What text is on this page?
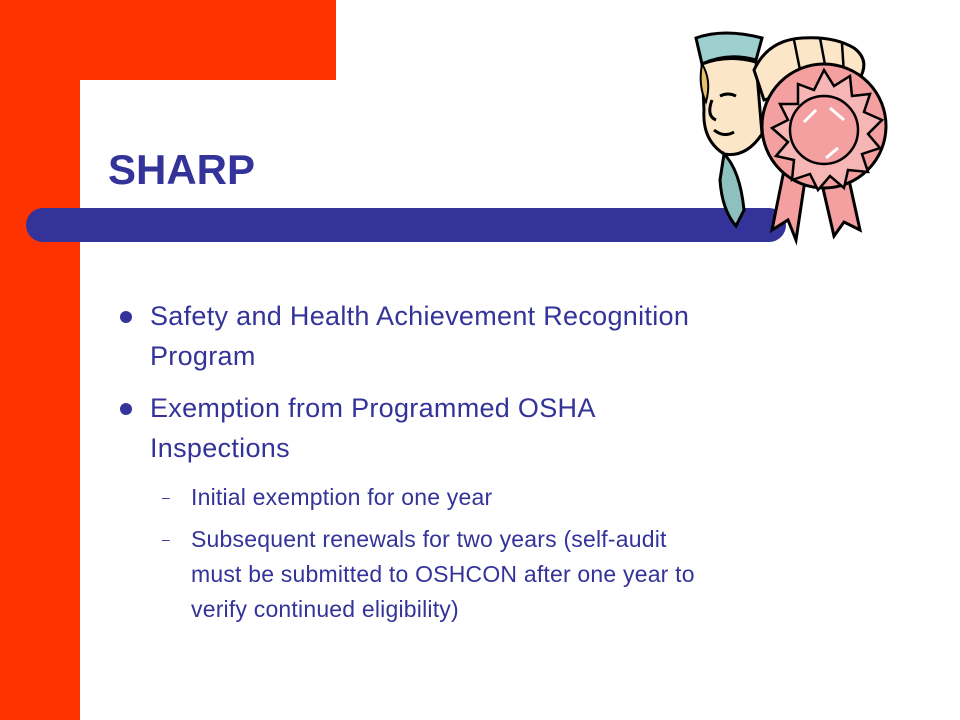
SHARP
Safety and Health Achievement Recognition
Program
Exemption from Programmed OSHA
Inspections
– Initial exemption for one year
– Subsequent renewals for two years (self-audit
must be submitted to OSHCON after one year to
verify continued eligibility)
